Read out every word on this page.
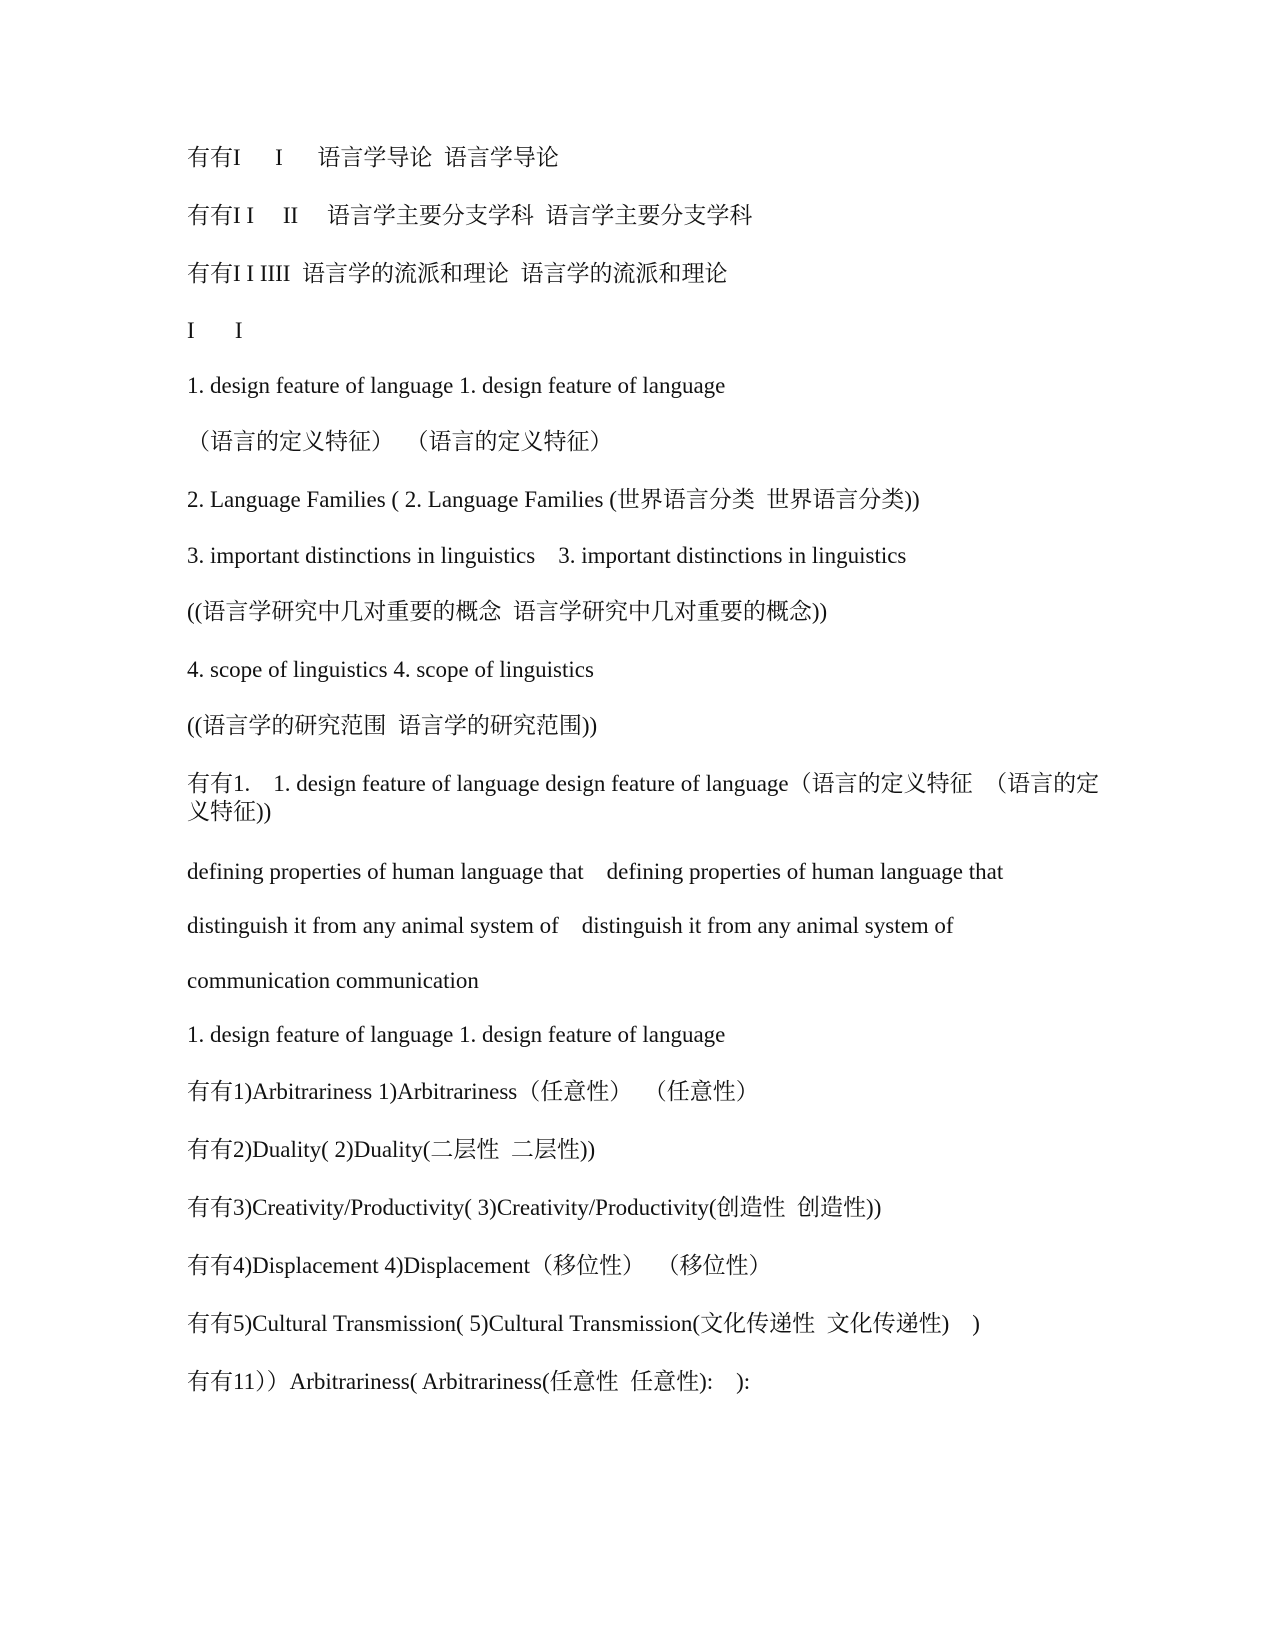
有有I      I      语言学导论  语言学导论
有有I I     II     语言学主要分支学科  语言学主要分支学科
有有I I IIII  语言学的流派和理论  语言学的流派和理论
I       I
1. design feature of language 1. design feature of language
（语言的定义特征）  （语言的定义特征）
2. Language Families ( 2. Language Families (世界语言分类  世界语言分类))
3. important distinctions in linguistics    3. important distinctions in linguistics
((语言学研究中几对重要的概念  语言学研究中几对重要的概念))
4. scope of linguistics 4. scope of linguistics
((语言学的研究范围  语言学的研究范围))
有有1.    1. design feature of language design feature of language（语言的定义特征  （语言的定义特征))
defining properties of human language that    defining properties of human language that
distinguish it from any animal system of    distinguish it from any animal system of
communication communication
1. design feature of language 1. design feature of language
有有1)Arbitrariness 1)Arbitrariness（任意性）  （任意性）
有有2)Duality( 2)Duality(二层性  二层性))
有有3)Creativity/Productivity( 3)Creativity/Productivity(创造性  创造性))
有有4)Displacement 4)Displacement（移位性）  （移位性）
有有5)Cultural Transmission( 5)Cultural Transmission(文化传递性  文化传递性)    )
有有11））Arbitrariness( Arbitrariness(任意性  任意性):    ):
